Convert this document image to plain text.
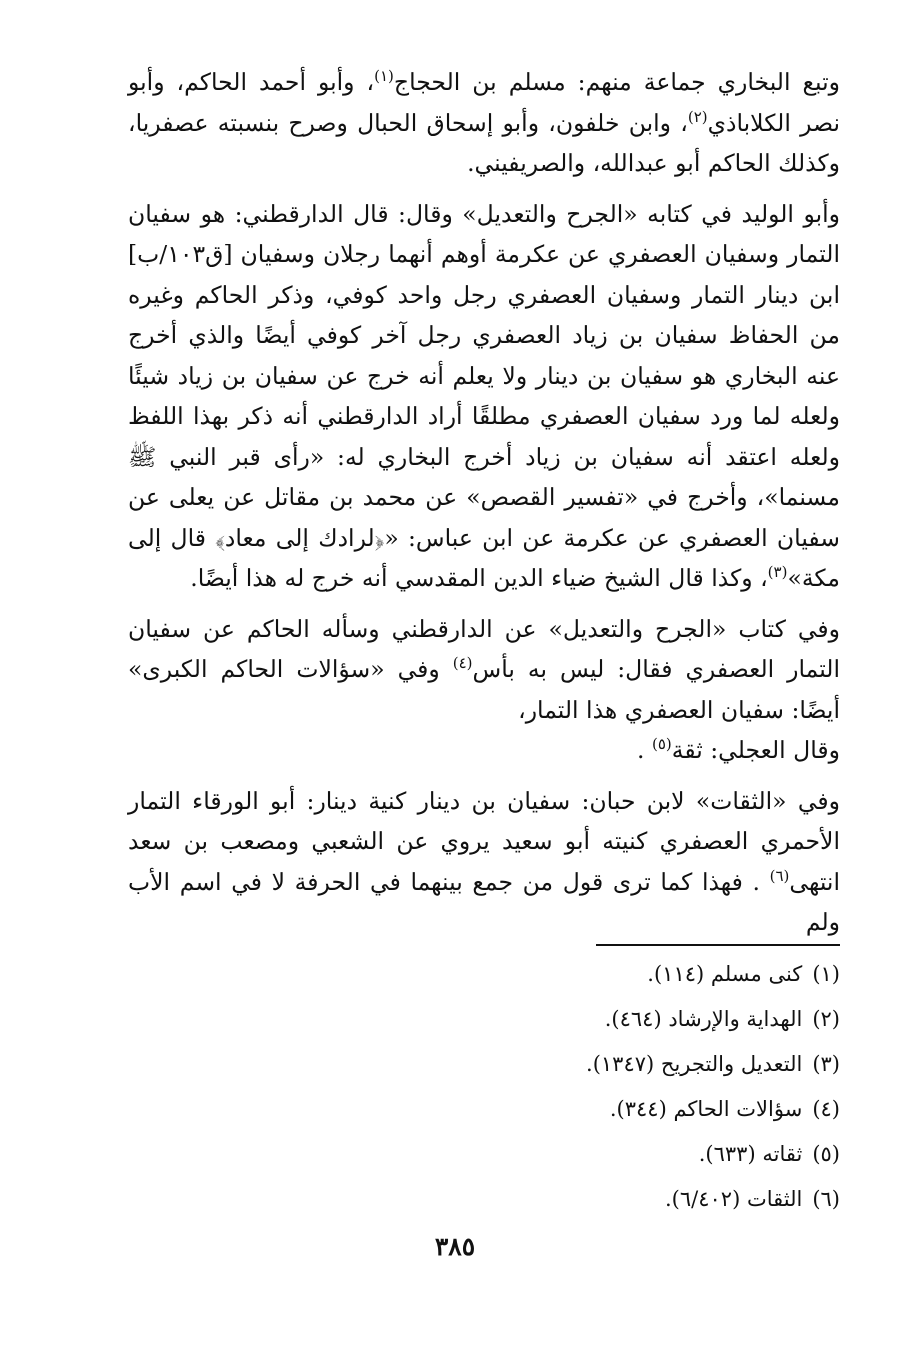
وتبع البخاري جماعة منهم: مسلم بن الحجاج$^{(١)}$، وأبو أحمد الحاكم، وأبو نصر الكلاباذي$^{(٢)}$، وابن خلفون، وأبو إسحاق الحبال وصرح بنسبته عصفريا، وكذلك الحاكم أبو عبدالله، والصريفيني.

وأبو الوليد في كتابه «الجرح والتعديل» وقال: قال الدارقطني: هو سفيان التمار وسفيان العصفري عن عكرمة أوهم أنهما رجلان وسفيان [ق١٠٣/ب] ابن دينار التمار وسفيان العصفري رجل واحد كوفي، وذكر الحاكم وغيره من الحفاظ سفيان بن زياد العصفري رجل آخر كوفي أيضًا والذي أخرج عنه البخاري هو سفيان بن دينار ولا يعلم أنه خرج عن سفيان بن زياد شيئًا ولعله لما ورد سفيان العصفري مطلقًا أراد الدارقطني أنه ذكر بهذا اللفظ ولعله اعتقد أنه سفيان بن زياد أخرج البخاري له: «رأى قبر النبي ﷺ مسنما»، وأخرج في «تفسير القصص» عن محمد بن مقاتل عن يعلى عن سفيان العصفري عن عكرمة عن ابن عباس: «﴿لرادك إلى معاد﴾ قال إلى مكة»$^{(٣)}$، وكذا قال الشيخ ضياء الدين المقدسي أنه خرج له هذا أيضًا.

وفي كتاب «الجرح والتعديل» عن الدارقطني وسأله الحاكم عن سفيان التمار العصفري فقال: ليس به بأس$^{(٤)}$ وفي «سؤالات الحاكم الكبرى» أيضًا: سفيان العصفري هذا التمار،

وقال العجلي: ثقة$^{(٥)}$ .

وفي «الثقات» لابن حبان: سفيان بن دينار كنية دينار: أبو الورقاء التمار الأحمري العصفري كنيته أبو سعيد يروي عن الشعبي ومصعب بن سعد انتهى$^{(٦)}$ . فهذا كما ترى قول من جمع بينهما في الحرفة لا في اسم الأب ولم

(١)كنى مسلم (١١٤).
(٢)الهداية والإرشاد (٤٦٤).
(٣)التعديل والتجريح (١٣٤٧).
(٤)سؤالات الحاكم (٣٤٤).
(٥)ثقاته (٦٣٣).
(٦)الثقات (٦/٤٠٢).
٣٨٥
